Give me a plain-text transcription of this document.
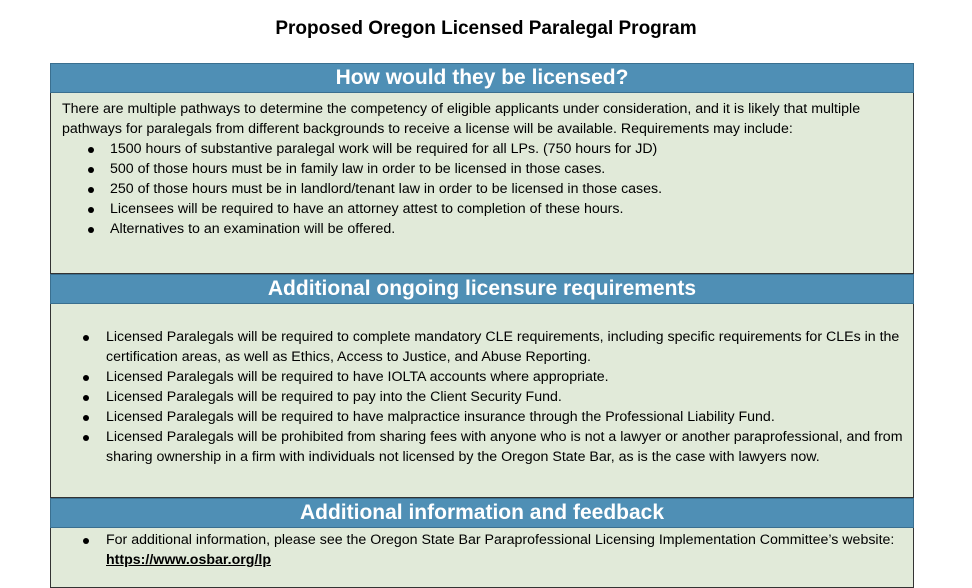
Proposed Oregon Licensed Paralegal Program
How would they be licensed?
There are multiple pathways to determine the competency of eligible applicants under consideration, and it is likely that multiple pathways for paralegals from different backgrounds to receive a license will be available. Requirements may include:
1500 hours of substantive paralegal work will be required for all LPs. (750 hours for JD)
500 of those hours must be in family law in order to be licensed in those cases.
250 of those hours must be in landlord/tenant law in order to be licensed in those cases.
Licensees will be required to have an attorney attest to completion of these hours.
Alternatives to an examination will be offered.
Additional ongoing licensure requirements
Licensed Paralegals will be required to complete mandatory CLE requirements, including specific requirements for CLEs in the certification areas, as well as Ethics, Access to Justice, and Abuse Reporting.
Licensed Paralegals will be required to have IOLTA accounts where appropriate.
Licensed Paralegals will be required to pay into the Client Security Fund.
Licensed Paralegals will be required to have malpractice insurance through the Professional Liability Fund.
Licensed Paralegals will be prohibited from sharing fees with anyone who is not a lawyer or another paraprofessional, and from sharing ownership in a firm with individuals not licensed by the Oregon State Bar, as is the case with lawyers now.
Additional information and feedback
For additional information, please see the Oregon State Bar Paraprofessional Licensing Implementation Committee’s website: https://www.osbar.org/lp
